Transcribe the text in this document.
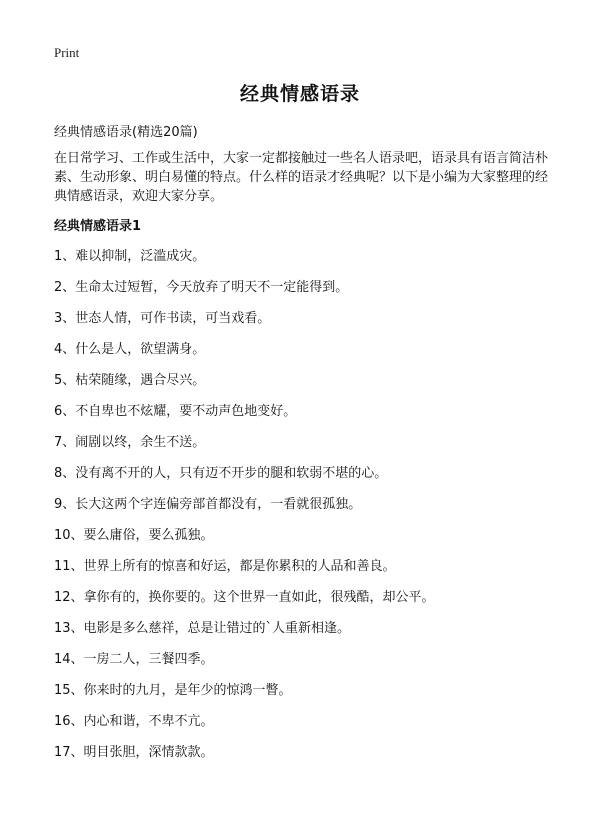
Print
经典情感语录
经典情感语录(精选20篇)
在日常学习、工作或生活中，大家一定都接触过一些名人语录吧，语录具有语言简洁朴素、生动形象、明白易懂的特点。什么样的语录才经典呢？以下是小编为大家整理的经典情感语录，欢迎大家分享。
经典情感语录1
1、难以抑制，泛滥成灾。
2、生命太过短暂，今天放弃了明天不一定能得到。
3、世态人情，可作书读，可当戏看。
4、什么是人，欲望满身。
5、枯荣随缘，遇合尽兴。
6、不自卑也不炫耀，要不动声色地变好。
7、闹剧以终，余生不送。
8、没有离不开的人，只有迈不开步的腿和软弱不堪的心。
9、长大这两个字连偏旁部首都没有，一看就很孤独。
10、要么庸俗，要么孤独。
11、世界上所有的惊喜和好运，都是你累积的人品和善良。
12、拿你有的，换你要的。这个世界一直如此，很残酷，却公平。
13、电影是多么慈祥，总是让错过的`人重新相逢。
14、一房二人，三餐四季。
15、你来时的九月，是年少的惊鸿一瞥。
16、内心和谐，不卑不亢。
17、明目张胆，深情款款。
